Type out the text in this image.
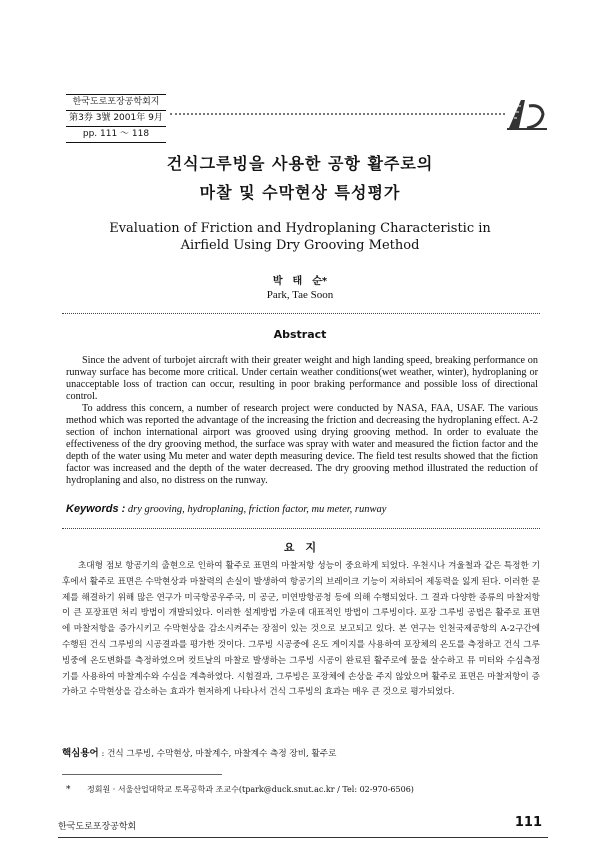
한국도로포장공학회지
第3券 3號 2001年 9月
pp. 111 ～ 118
건식그루빙을 사용한 공항 활주로의
마찰 및 수막현상 특성평가
Evaluation of Friction and Hydroplaning Characteristic in
Airfield Using Dry Grooving Method
박　태　순*
Park, Tae Soon
Abstract

Since the advent of turbojet aircraft with their greater weight and high landing speed, breaking performance on runway surface has become more critical. Under certain weather conditions(wet weather, winter), hydroplaning or unacceptable loss of traction can occur, resulting in poor braking performance and possible loss of directional control.

To address this concern, a number of research project were conducted by NASA, FAA, USAF. The various method which was reported the advantage of the increasing the friction and decreasing the hydroplaning effect. A-2 section of inchon international airport was grooved using drying grooving method. In order to evaluate the effectiveness of the dry grooving method, the surface was spray with water and measured the fiction factor and the depth of the water using Mu meter and water depth measuring device. The field test results showed that the fiction factor was increased and the depth of the water decreased. The dry grooving method illustrated the reduction of hydroplaning and also, no distress on the runway.

Keywords : dry grooving, hydroplaning, friction factor, mu meter, runway
요　지

초대형 점보 항공기의 출현으로 인하여 활주로 표면의 마찰저항 성능이 중요하게 되었다. 우천시나 겨울철과 같은 특정한 기후에서 활주로 표면은 수막현상과 마찰력의 손실이 발생하여 항공기의 브레이크 기능이 저하되어 제동력을 잃게 된다. 이러한 문제를 해결하기 위해 많은 연구가 미국항공우주국, 미 공군, 미연방항공청 등에 의해 수행되었다. 그 결과 다양한 종류의 마찰저항이 큰 포장표면 처리 방법이 개발되었다. 이러한 설계방법 가운데 대표적인 방법이 그루빙이다. 포장 그루빙 공법은 활주로 표면에 마찰저항을 증가시키고 수막현상을 감소시켜주는 장점이 있는 것으로 보고되고 있다. 본 연구는 인천국제공항의 A-2구간에 수행된 건식 그루빙의 시공결과를 평가한 것이다. 그루빙 시공중에 온도 게이지를 사용하여 포장체의 온도를 측정하고 건식 그루빙중에 온도변화를 측정하였으며 컷트날의 마찰로 발생하는 그루빙 시공이 완료된 활주로에 물을 살수하고 뮤 미터와 수심측정기를 사용하여 마찰계수와 수심을 계측하였다. 시험결과, 그루빙은 포장체에 손상을 주지 않았으며 활주로 표면은 마찰저항이 증가하고 수막현상을 감소하는 효과가 현저하게 나타나서 건식 그루빙의 효과는 매우 큰 것으로 평가되었다.

핵심용어 : 건식 그루빙, 수막현상, 마찰계수, 마찰계수 측정 장비, 활주로
* 정회원 · 서울산업대학교 토목공학과 조교수(tpark@duck.snut.ac.kr / Tel: 02-970-6506)
한국도로포장공학회	111
